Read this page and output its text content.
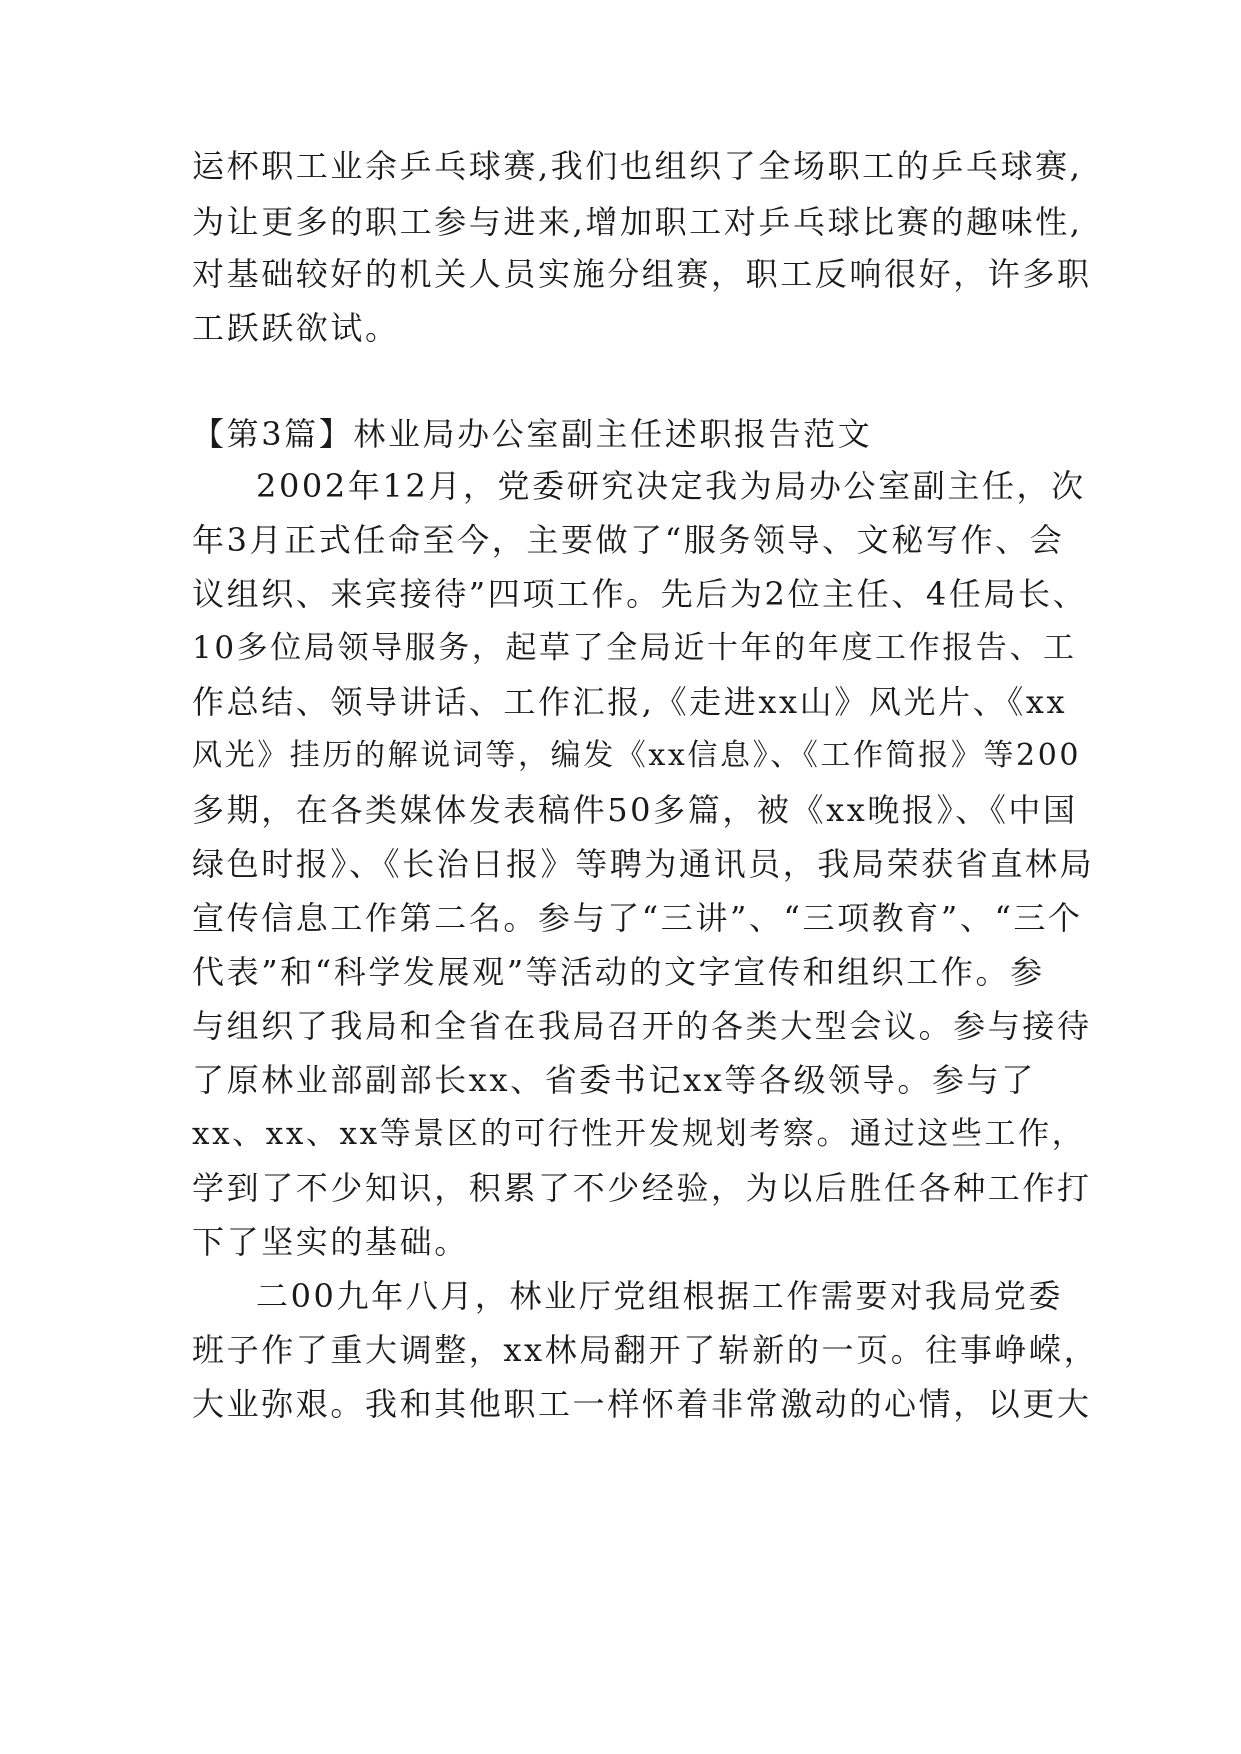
运杯职工业余乒乓球赛,我们也组织了全场职工的乒乓球赛,
为让更多的职工参与进来,增加职工对乒乓球比赛的趣味性,
对基础较好的机关人员实施分组赛，职工反响很好，许多职
工跃跃欲试。
【第3篇】林业局办公室副主任述职报告范文
2002年12月，党委研究决定我为局办公室副主任，次
年3月正式任命至今，主要做了“服务领导、文秘写作、会
议组织、来宾接待”四项工作。先后为2位主任、4任局长、
10多位局领导服务，起草了全局近十年的年度工作报告、工
作总结、领导讲话、工作汇报,《走进xx山》风光片、《xx
风光》挂历的解说词等，编发《xx信息》、《工作简报》等200
多期，在各类媒体发表稿件50多篇，被《xx晚报》、《中国
绿色时报》、《长治日报》等聘为通讯员，我局荣获省直林局
宣传信息工作第二名。参与了“三讲”、“三项教育”、“三个
代表”和“科学发展观”等活动的文字宣传和组织工作。参
与组织了我局和全省在我局召开的各类大型会议。参与接待
了原林业部副部长xx、省委书记xx等各级领导。参与了
xx、xx、xx等景区的可行性开发规划考察。通过这些工作，
学到了不少知识，积累了不少经验，为以后胜任各种工作打
下了坚实的基础。
二00九年八月，林业厅党组根据工作需要对我局党委
班子作了重大调整，xx林局翻开了崭新的一页。往事峥嵘，
大业弥艰。我和其他职工一样怀着非常激动的心情，以更大
